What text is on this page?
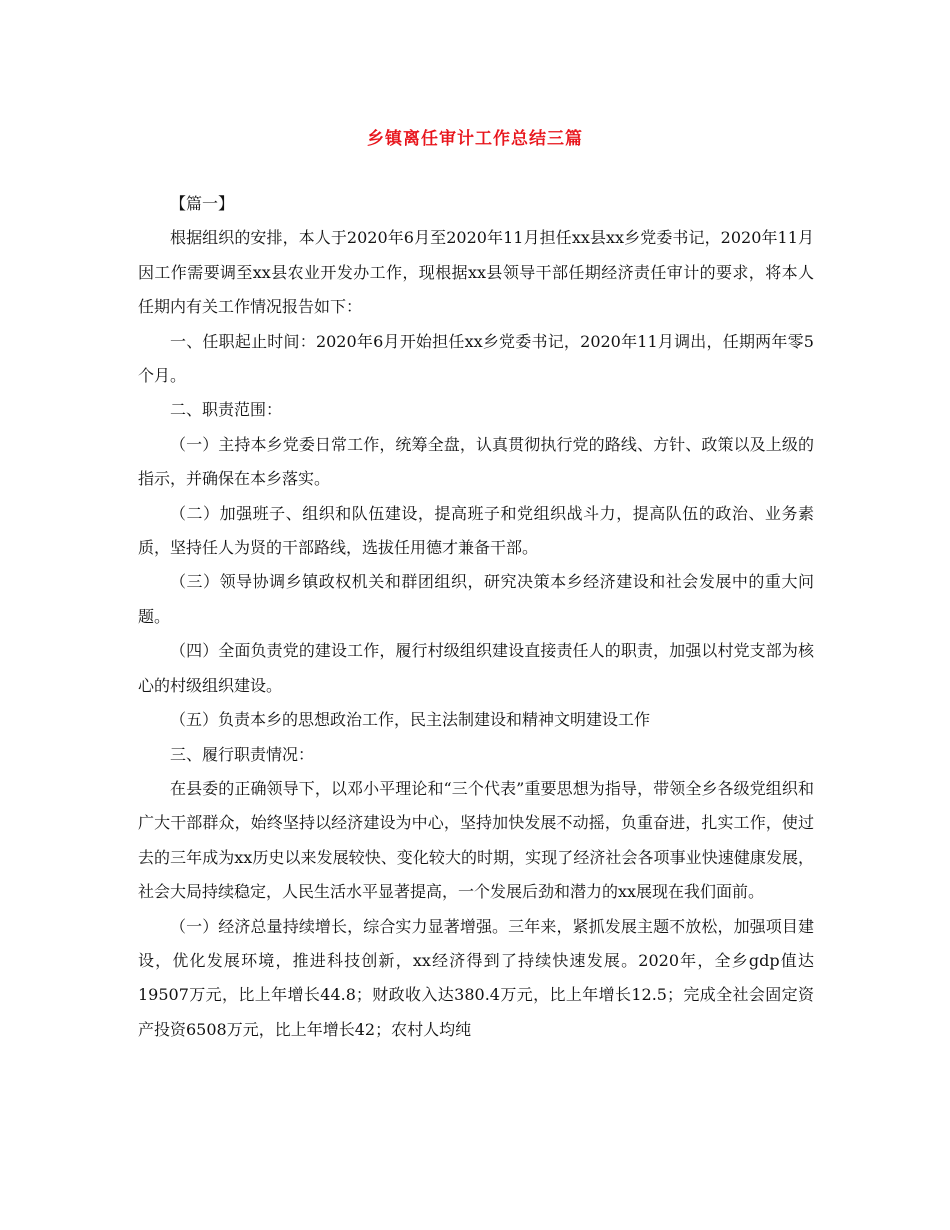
乡镇离任审计工作总结三篇

【篇一】

根据组织的安排，本人于2020年6月至2020年11月担任xx县xx乡党委书记，2020年11月因工作需要调至xx县农业开发办工作，现根据xx县领导干部任期经济责任审计的要求，将本人任期内有关工作情况报告如下：

一、任职起止时间：2020年6月开始担任xx乡党委书记，2020年11月调出，任期两年零5个月。

二、职责范围：

（一）主持本乡党委日常工作，统筹全盘，认真贯彻执行党的路线、方针、政策以及上级的指示，并确保在本乡落实。

（二）加强班子、组织和队伍建设，提高班子和党组织战斗力，提高队伍的政治、业务素质，坚持任人为贤的干部路线，选拔任用德才兼备干部。

（三）领导协调乡镇政权机关和群团组织，研究决策本乡经济建设和社会发展中的重大问题。

（四）全面负责党的建设工作，履行村级组织建设直接责任人的职责，加强以村党支部为核心的村级组织建设。

（五）负责本乡的思想政治工作，民主法制建设和精神文明建设工作

三、履行职责情况：

在县委的正确领导下，以邓小平理论和“三个代表”重要思想为指导，带领全乡各级党组织和广大干部群众，始终坚持以经济建设为中心，坚持加快发展不动摇，负重奋进，扎实工作，使过去的三年成为xx历史以来发展较快、变化较大的时期，实现了经济社会各项事业快速健康发展，社会大局持续稳定，人民生活水平显著提高，一个发展后劲和潜力的xx展现在我们面前。

（一）经济总量持续增长，综合实力显著增强。三年来，紧抓发展主题不放松，加强项目建设，优化发展环境，推进科技创新，xx经济得到了持续快速发展。2020年，全乡gdp值达19507万元，比上年增长44.8；财政收入达380.4万元，比上年增长12.5；完成全社会固定资产投资6508万元，比上年增长42；农村人均纯
